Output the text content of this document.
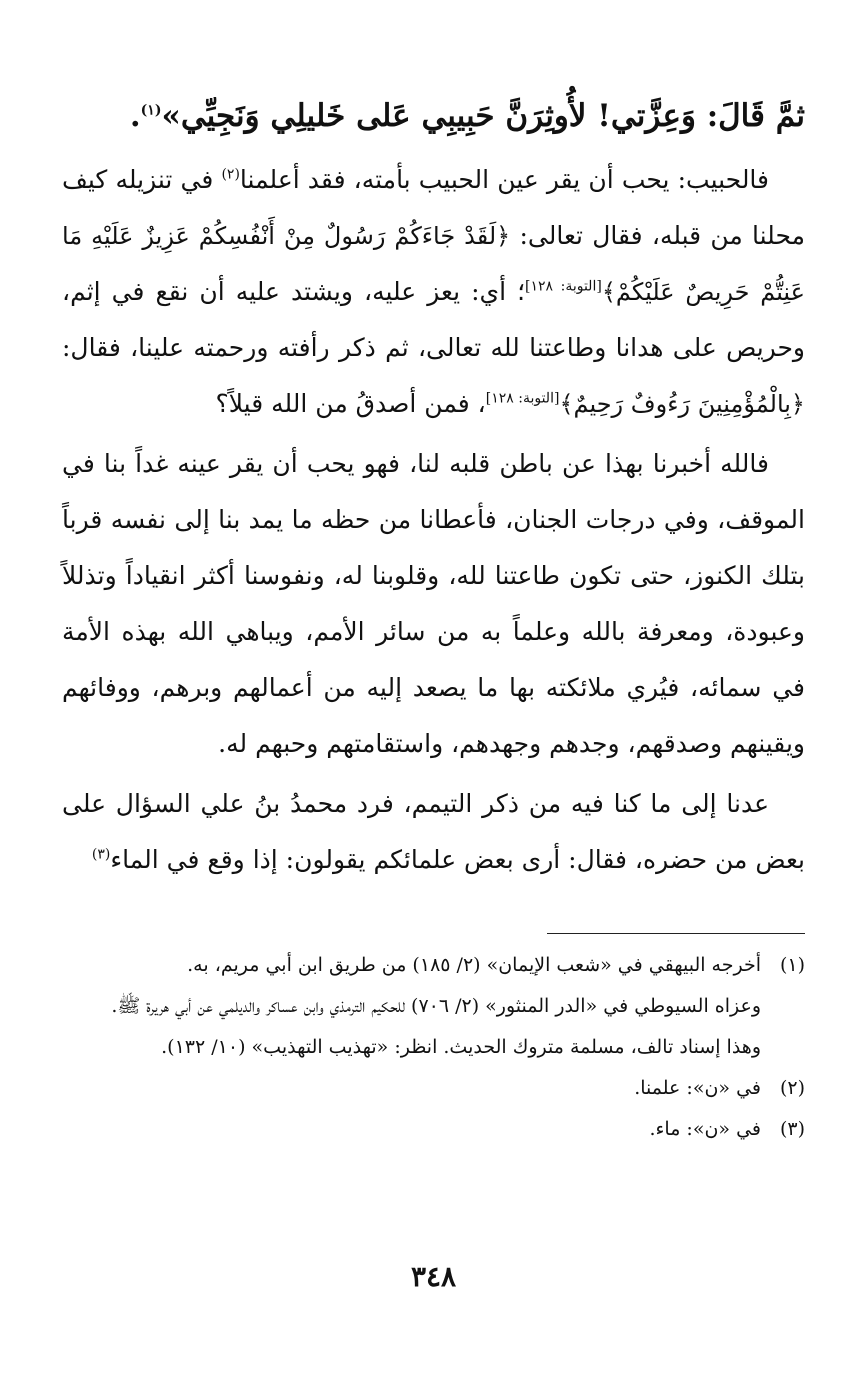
ثمَّ قَالَ: وَعِزَّتي! لأُوثِرَنَّ حَبِيبِي عَلى خَليلِي وَنَجِيِّي»$^{(١)}$.

فالحبيب: يحب أن يقر عين الحبيب بأمته، فقد أعلمنا$^{(٢)}$ في تنزيله كيف محلنا من قبله، فقال تعالى: ﴿لَقَدْ جَاءَكُمْ رَسُولٌ مِنْ أَنْفُسِكُمْ عَزِيزٌ عَلَيْهِ مَا عَنِتُّمْ حَرِيصٌ عَلَيْكُمْ﴾[التوبة: ١٢٨]؛ أي: يعز عليه، ويشتد عليه أن نقع في إثم، وحريص على هدانا وطاعتنا لله تعالى، ثم ذكر رأفته ورحمته علينا، فقال: ﴿بِالْمُؤْمِنِينَ رَءُوفٌ رَحِيمٌ﴾[التوبة: ١٢٨]، فمن أصدقُ من الله قيلاً؟

فالله أخبرنا بهذا عن باطن قلبه لنا، فهو يحب أن يقر عينه غداً بنا في الموقف، وفي درجات الجنان، فأعطانا من حظه ما يمد بنا إلى نفسه قرباً بتلك الكنوز، حتى تكون طاعتنا لله، وقلوبنا له، ونفوسنا أكثر انقياداً وتذللاً وعبودة، ومعرفة بالله وعلماً به من سائر الأمم، ويباهي الله بهذه الأمة في سمائه، فيُري ملائكته بها ما يصعد إليه من أعمالهم وبرهم، ووفائهم ويقينهم وصدقهم، وجدهم وجهدهم، واستقامتهم وحبهم له.

عدنا إلى ما كنا فيه من ذكر التيمم، فرد محمدُ بنُ علي السؤال على بعض من حضره، فقال: أرى بعض علمائكم يقولون: إذا وقع في الماء$^{(٣)}$

(١)
أخرجه البيهقي في «شعب الإيمان» (٢/ ١٨٥) من طريق ابن أبي مريم، به.
وعزاه السيوطي في «الدر المنثور» (٢/ ٧٠٦) للحكيم الترمذي وابن عساكر والديلمي عن أبي هريرة ﷺ.
وهذا إسناد تالف، مسلمة متروك الحديث. انظر: «تهذيب التهذيب» (١٠/ ١٣٢).
(٢)
في «ن»: علمنا.
(٣)
في «ن»: ماء.
٣٤٨
